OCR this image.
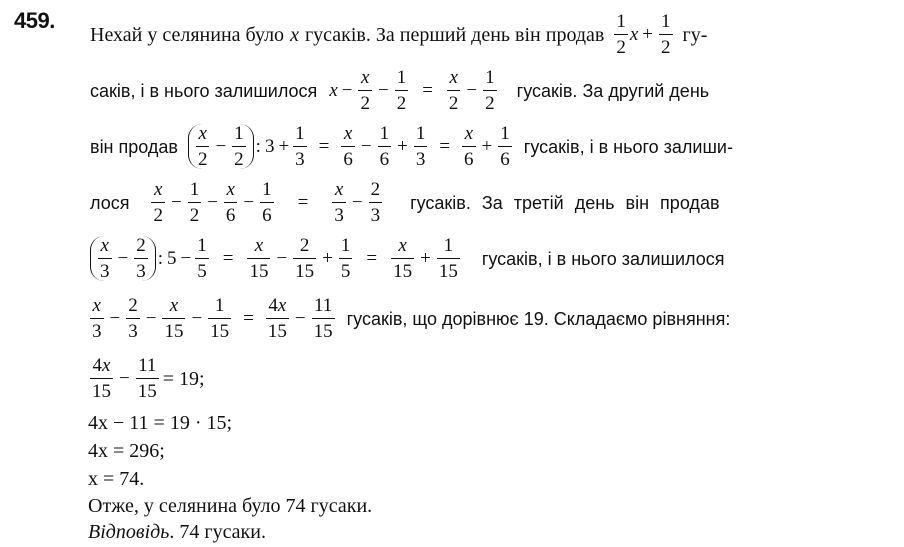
459.
Нехай у селянина було x гусаків. За перший день він продав
1
2
$x + \frac{1}{2} гу-$
саків, і в нього залишилося $x - \frac{x}{2} - \frac{1}{2} = \frac{x}{2} - \frac{1}{2}$ гусаків. За другий день
він продав
x
2
− $\frac{1}{2}$ : $3 + \frac{1}{3} = \frac{x}{6} - \frac{1}{6} + \frac{1}{3} = \frac{x}{6} + \frac{1}{6}$ гусаків, і в нього залиши-
лося
x
2
− $\frac{1}{2} - \frac{x}{6} - \frac{1}{6} = \frac{x}{3} - \frac{2}{3}$ гусаків. За третій день він продав
x
3
− $\frac{2}{3}$ : $5 - \frac{1}{5} = \frac{x}{15} - \frac{2}{15} + \frac{1}{5} = \frac{x}{15} + \frac{1}{15}$ гусаків, і в нього залишилося
x
3
− $\frac{2}{3} - \frac{x}{15} - \frac{1}{15} = \frac{4x}{15} - \frac{11}{15}$ гусаків, що дорівнює 19. Складаємо рівняння:
4x
15
− $\frac{11}{15} = 19$;
4x − 11 = 19 · 15;
4x = 296;
x = 74.
Отже, у селянина було 74 гусаки.
Відповідь . 74 гусаки.
